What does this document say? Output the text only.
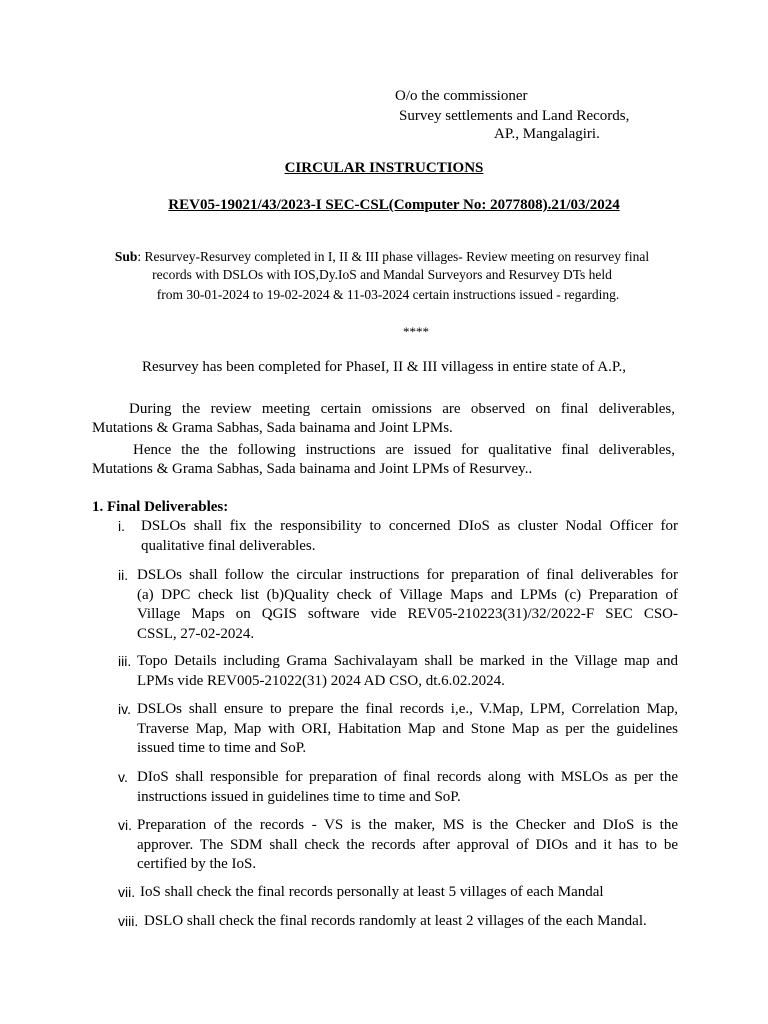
O/o the commissioner
Survey settlements and Land Records,
AP., Mangalagiri.
CIRCULAR INSTRUCTIONS
REV05-19021/43/2023-I SEC-CSL(Computer No: 2077808).21/03/2024
Sub: Resurvey-Resurvey completed in I, II & III phase villages- Review meeting on resurvey final
records with DSLOs with IOS,Dy.IoS and Mandal Surveyors and Resurvey DTs held
from 30-01-2024 to 19-02-2024 & 11-03-2024 certain instructions issued - regarding.
****
Resurvey has been completed for PhaseI, II & III villagess in entire state of A.P.,
During the review meeting certain omissions are observed on final deliverables,
Mutations & Grama Sabhas, Sada bainama and Joint LPMs.
Hence the the following instructions are issued for qualitative final deliverables,
Mutations & Grama Sabhas, Sada bainama and Joint LPMs of Resurvey..
1. Final Deliverables:
i. DSLOs shall fix the responsibility to concerned DIoS as cluster Nodal Officer for
qualitative final deliverables.
ii. DSLOs shall follow the circular instructions for preparation of final deliverables for
(a) DPC check list (b)Quality check of Village Maps and LPMs (c) Preparation of
Village Maps on QGIS software vide REV05-210223(31)/32/2022-F SEC CSO-
CSSL, 27-02-2024.
iii. Topo Details including Grama Sachivalayam shall be marked in the Village map and
LPMs vide REV005-21022(31) 2024 AD CSO, dt.6.02.2024.
iv. DSLOs shall ensure to prepare the final records i,e., V.Map, LPM, Correlation Map,
Traverse Map, Map with ORI, Habitation Map and Stone Map as per the guidelines
issued time to time and SoP.
v. DIoS shall responsible for preparation of final records along with MSLOs as per the
instructions issued in guidelines time to time and SoP.
vi. Preparation of the records - VS is the maker, MS is the Checker and DIoS is the
approver. The SDM shall check the records after approval of DIOs and it has to be
certified by the IoS.
vii. IoS shall check the final records personally at least 5 villages of each Mandal
viii. DSLO shall check the final records randomly at least 2 villages of the each Mandal.
